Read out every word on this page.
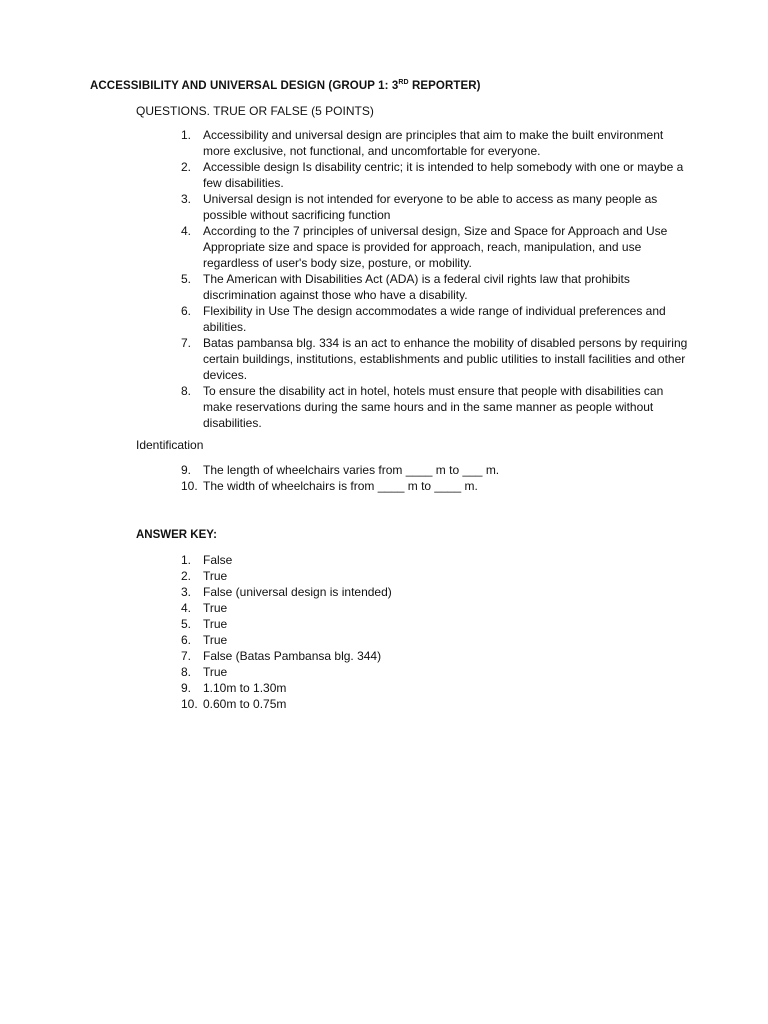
ACCESSIBILITY AND UNIVERSAL DESIGN (GROUP 1: 3RD REPORTER)
QUESTIONS. TRUE OR FALSE (5 POINTS)
1. Accessibility and universal design are principles that aim to make the built environment more exclusive, not functional, and uncomfortable for everyone.
2. Accessible design Is disability centric; it is intended to help somebody with one or maybe a few disabilities.
3. Universal design is not intended for everyone to be able to access as many people as possible without sacrificing function
4. According to the 7 principles of universal design, Size and Space for Approach and Use Appropriate size and space is provided for approach, reach, manipulation, and use regardless of user's body size, posture, or mobility.
5. The American with Disabilities Act (ADA) is a federal civil rights law that prohibits discrimination against those who have a disability.
6. Flexibility in Use The design accommodates a wide range of individual preferences and abilities.
7. Batas pambansa blg. 334 is an act to enhance the mobility of disabled persons by requiring certain buildings, institutions, establishments and public utilities to install facilities and other devices.
8. To ensure the disability act in hotel, hotels must ensure that people with disabilities can make reservations during the same hours and in the same manner as people without disabilities.
Identification
9. The length of wheelchairs varies from ____ m to ___ m.
10. The width of wheelchairs is from ____ m to ____ m.
ANSWER KEY:
1. False
2. True
3. False (universal design is intended)
4. True
5. True
6. True
7. False (Batas Pambansa blg. 344)
8. True
9. 1.10m to 1.30m
10. 0.60m to 0.75m
